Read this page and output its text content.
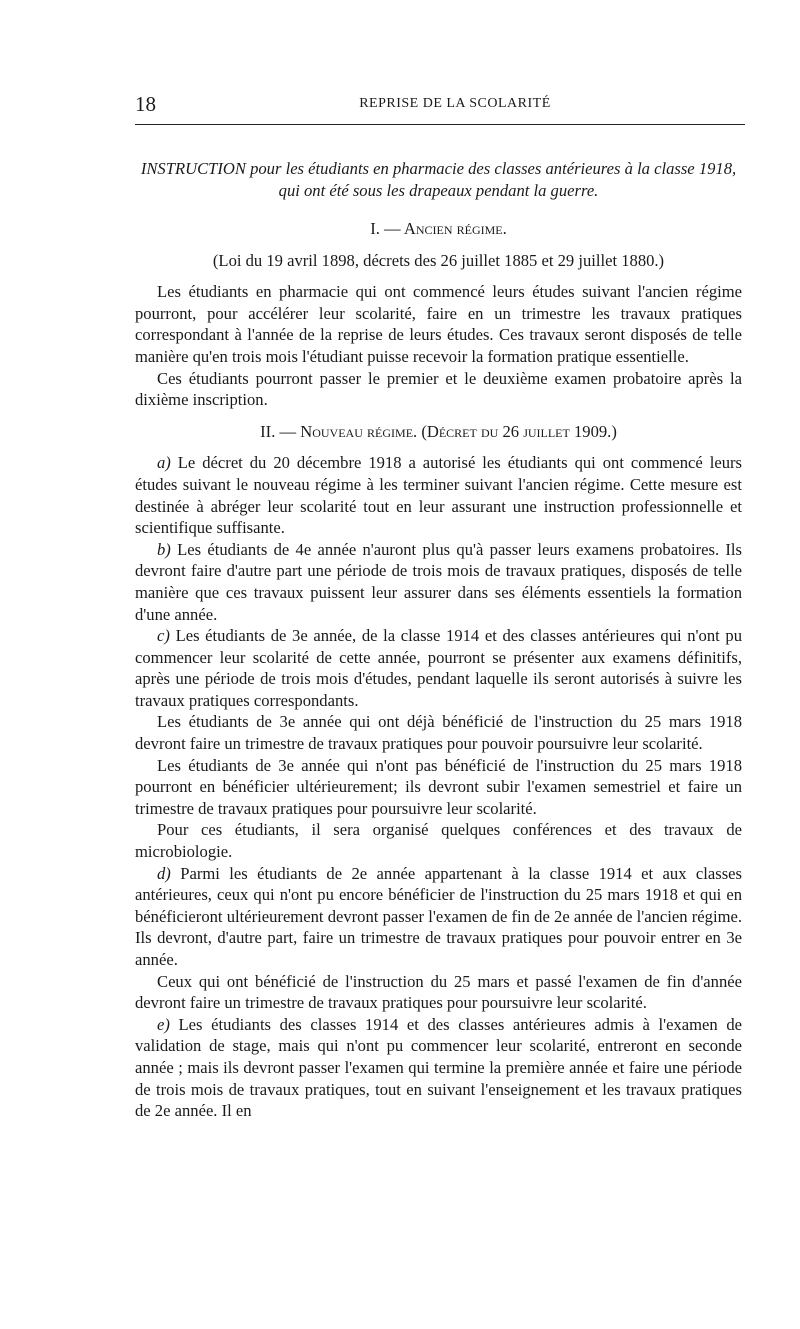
18	REPRISE DE LA SCOLARITÉ
INSTRUCTION pour les étudiants en pharmacie des classes antérieures à la classe 1918, qui ont été sous les drapeaux pendant la guerre.
I. — Ancien régime.
(Loi du 19 avril 1898, décrets des 26 juillet 1885 et 29 juillet 1880.)

Les étudiants en pharmacie qui ont commencé leurs études suivant l'ancien régime pourront, pour accélérer leur scolarité, faire en un trimestre les travaux pratiques correspondant à l'année de la reprise de leurs études. Ces travaux seront disposés de telle manière qu'en trois mois l'étudiant puisse recevoir la formation pratique essentielle.

Ces étudiants pourront passer le premier et le deuxième examen probatoire après la dixième inscription.

II. — Nouveau régime. (Décret du 26 juillet 1909.)

a) Le décret du 20 décembre 1918 a autorisé les étudiants qui ont commencé leurs études suivant le nouveau régime à les terminer suivant l'ancien régime. Cette mesure est destinée à abréger leur scolarité tout en leur assurant une instruction professionnelle et scientifique suffisante.

b) Les étudiants de 4e année n'auront plus qu'à passer leurs examens probatoires. Ils devront faire d'autre part une période de trois mois de travaux pratiques, disposés de telle manière que ces travaux puissent leur assurer dans ses éléments essentiels la formation d'une année.

c) Les étudiants de 3e année, de la classe 1914 et des classes antérieures qui n'ont pu commencer leur scolarité de cette année, pourront se présenter aux examens définitifs, après une période de trois mois d'études, pendant laquelle ils seront autorisés à suivre les travaux pratiques correspondants.

Les étudiants de 3e année qui ont déjà bénéficié de l'instruction du 25 mars 1918 devront faire un trimestre de travaux pratiques pour pouvoir poursuivre leur scolarité.

Les étudiants de 3e année qui n'ont pas bénéficié de l'instruction du 25 mars 1918 pourront en bénéficier ultérieurement; ils devront subir l'examen semestriel et faire un trimestre de travaux pratiques pour poursuivre leur scolarité.

Pour ces étudiants, il sera organisé quelques conférences et des travaux de microbiologie.

d) Parmi les étudiants de 2e année appartenant à la classe 1914 et aux classes antérieures, ceux qui n'ont pu encore bénéficier de l'instruction du 25 mars 1918 et qui en bénéficieront ultérieurement devront passer l'examen de fin de 2e année de l'ancien régime. Ils devront, d'autre part, faire un trimestre de travaux pratiques pour pouvoir entrer en 3e année.

Ceux qui ont bénéficié de l'instruction du 25 mars et passé l'examen de fin d'année devront faire un trimestre de travaux pratiques pour poursuivre leur scolarité.

e) Les étudiants des classes 1914 et des classes antérieures admis à l'examen de validation de stage, mais qui n'ont pu commencer leur scolarité, entreront en seconde année ; mais ils devront passer l'examen qui termine la première année et faire une période de trois mois de travaux pratiques, tout en suivant l'enseignement et les travaux pratiques de 2e année. Il en
